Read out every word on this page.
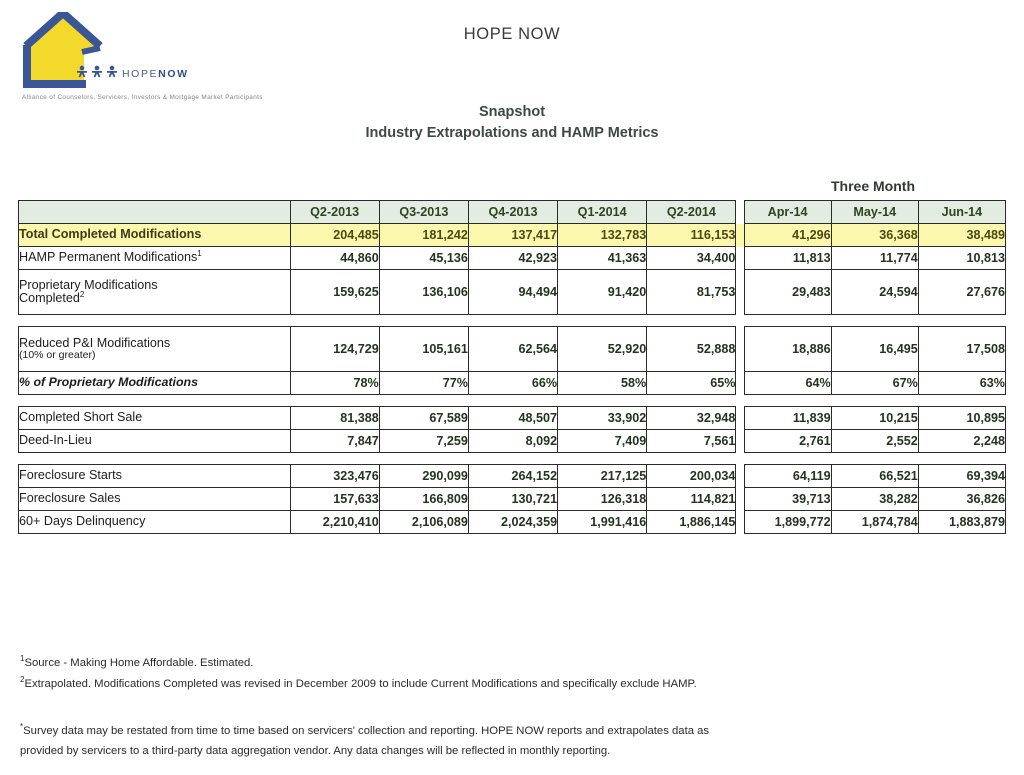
HOPENOW
Alliance of Counselors, Servicers, Investors & Mortgage Market Participants
HOPE NOW
Snapshot
Industry Extrapolations and HAMP Metrics
Three Month
	Q2-2013	Q3-2013	Q4-2013	Q1-2014	Q2-2014		Apr-14	May-14	Jun-14

Total Completed Modifications	204,485	181,242	137,417	132,783	116,153		41,296	36,368	38,489

HAMP Permanent Modifications$^1$	44,860	45,136	42,923	41,363	34,400		11,813	11,774	10,813

Proprietary Modifications
Completed$^2$	159,625	136,106	94,494	91,420	81,753		29,483	24,594	27,676

Reduced P&I Modifications
(10% or greater)	124,729	105,161	62,564	52,920	52,888		18,886	16,495	17,508

% of Proprietary Modifications	78%	77%	66%	58%	65%		64%	67%	63%

Completed Short Sale	81,388	67,589	48,507	33,902	32,948		11,839	10,215	10,895

Deed-In-Lieu	7,847	7,259	8,092	7,409	7,561		2,761	2,552	2,248

Foreclosure Starts	323,476	290,099	264,152	217,125	200,034		64,119	66,521	69,394

Foreclosure Sales	157,633	166,809	130,721	126,318	114,821		39,713	38,282	36,826

60+ Days Delinquency	2,210,410	2,106,089	2,024,359	1,991,416	1,886,145		1,899,772	1,874,784	1,883,879
$^1$Source - Making Home Affordable. Estimated.
$^2$Extrapolated. Modifications Completed was revised in December 2009 to include Current Modifications and specifically exclude HAMP.
*Survey data may be restated from time to time based on servicers' collection and reporting. HOPE NOW reports and extrapolates data as
provided by servicers to a third-party data aggregation vendor. Any data changes will be reflected in monthly reporting.
